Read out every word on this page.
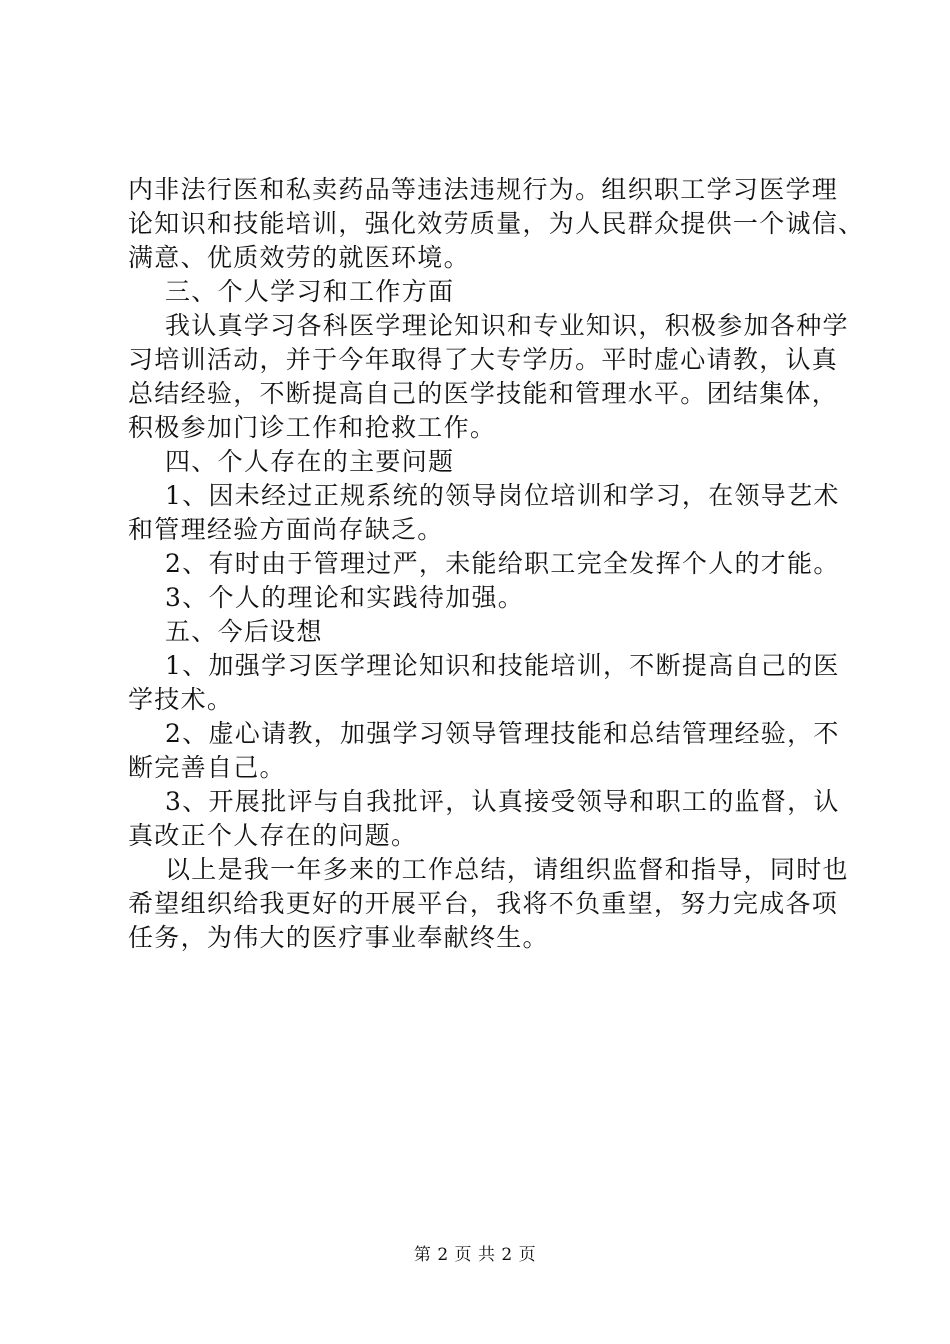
内非法行医和私卖药品等违法违规行为。组织职工学习医学理
论知识和技能培训，强化效劳质量，为人民群众提供一个诚信、
满意、优质效劳的就医环境。
三、个人学习和工作方面
我认真学习各科医学理论知识和专业知识，积极参加各种学
习培训活动，并于今年取得了大专学历。平时虚心请教，认真
总结经验，不断提高自己的医学技能和管理水平。团结集体，
积极参加门诊工作和抢救工作。
四、个人存在的主要问题
1、因未经过正规系统的领导岗位培训和学习，在领导艺术
和管理经验方面尚存缺乏。
2、有时由于管理过严，未能给职工完全发挥个人的才能。
3、个人的理论和实践待加强。
五、今后设想
1、加强学习医学理论知识和技能培训，不断提高自己的医
学技术。
2、虚心请教，加强学习领导管理技能和总结管理经验，不
断完善自己。
3、开展批评与自我批评，认真接受领导和职工的监督，认
真改正个人存在的问题。
以上是我一年多来的工作总结，请组织监督和指导，同时也
希望组织给我更好的开展平台，我将不负重望，努力完成各项
任务，为伟大的医疗事业奉献终生。
第 2 页 共 2 页
